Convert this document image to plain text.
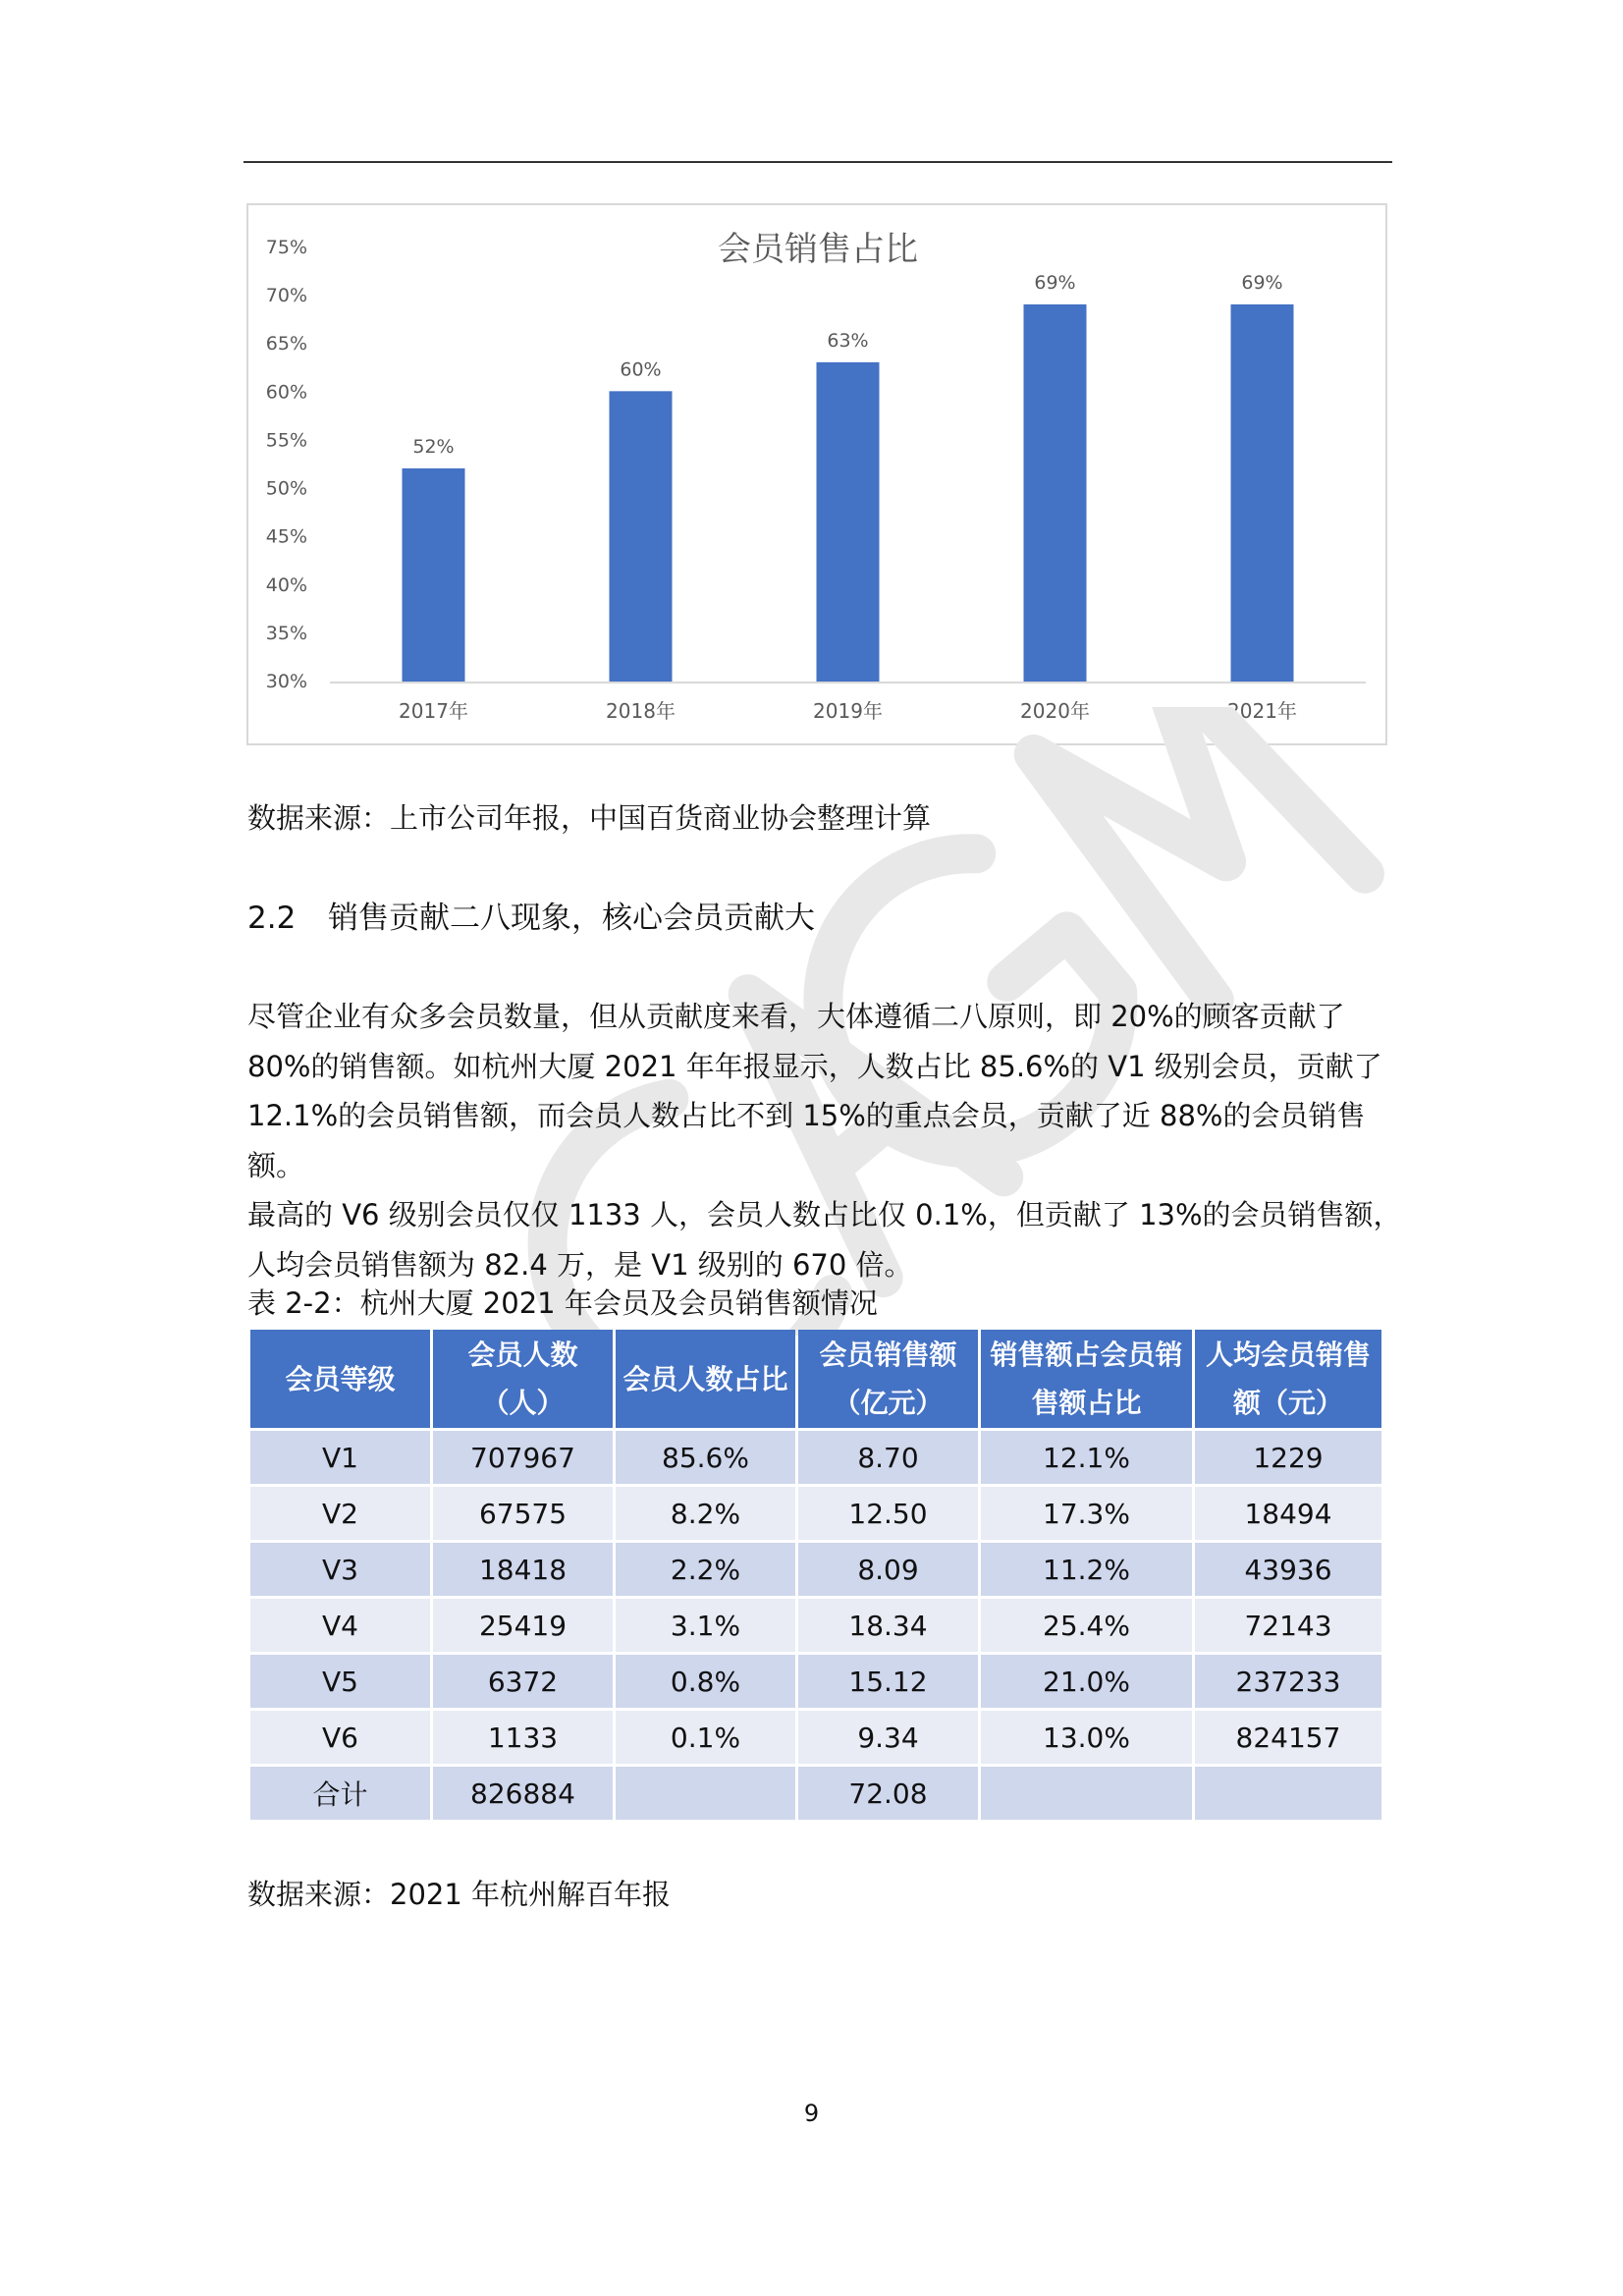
会员销售占比
30%
35%
40%
45%
50%
55%
60%
65%
70%
75%
52%
60%
63%
69%	69%
2017年	2018年	2019年	2020年	2021年

数据来源：上市公司年报，中国百货商业协会整理计算

2.2 销售贡献二八现象，核心会员贡献大

尽管企业有众多会员数量，但从贡献度来看，大体遵循二八原则，即 20%的顾客贡献了
80%的销售额。如杭州大厦 2021 年年报显示，人数占比 85.6%的 V1 级别会员，贡献了
12.1%的会员销售额，而会员人数占比不到 15%的重点会员，贡献了近 88%的会员销售额。
最高的 V6 级别会员仅仅 1133 人，会员人数占比仅 0.1%，但贡献了 13%的会员销售额，
人均会员销售额为 82.4 万，是 V1 级别的 670 倍。

表 2-2：杭州大厦 2021 年会员及会员销售额情况

会员等级	会员人数（人）	会员人数占比	会员销售额（亿元）	销售额占会员销售额占比	人均会员销售额（元）
V1	707967	85.6%	8.70	12.1%	1229
V2	67575	8.2%	12.50	17.3%	18494
V3	18418	2.2%	8.09	11.2%	43936
V4	25419	3.1%	18.34	25.4%	72143
V5	6372	0.8%	15.12	21.0%	237233
V6	1133	0.1%	9.34	13.0%	824157
合计	826884		72.08		

数据来源：2021 年杭州解百年报

9
